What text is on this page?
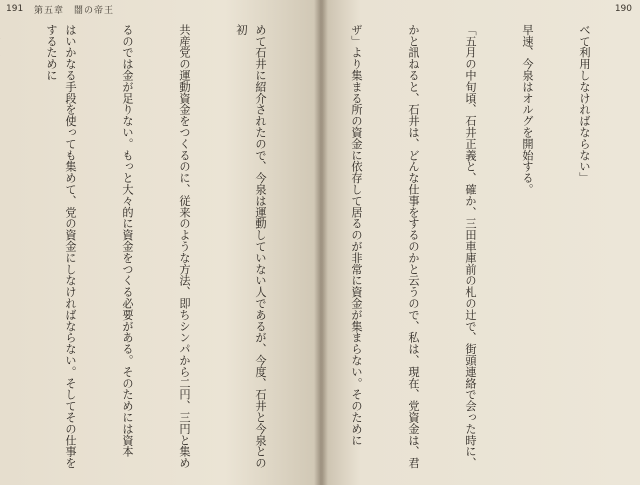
191 第五章　闇の帝王

めて石井に紹介されたので、今泉は運動していない人であるが、今度、石井と今泉との初

共産党の運動資金をつくるのに、従来のような方法、即ちシンパから二円、三円と集め

るのでは金が足りない。もっと大々的に資金をつくる必要がある。そのためには資本

はいかなる手段を使っても集めて、党の資金にしなければならない。そしてその仕事をするために

190

べて利用しなければならない」

早速、今泉はオルグを開始する。

「五月の中旬頃、石井正義と、確か、三田車庫前の札の辻で、街頭連絡で会った時に、

かと訊ねると、石井は、どんな仕事をするのかと云うので、私は、現在、党資金は、君

ザ」より集まる所の資金に依存して居るのが非常に資金が集まらない。そのために
